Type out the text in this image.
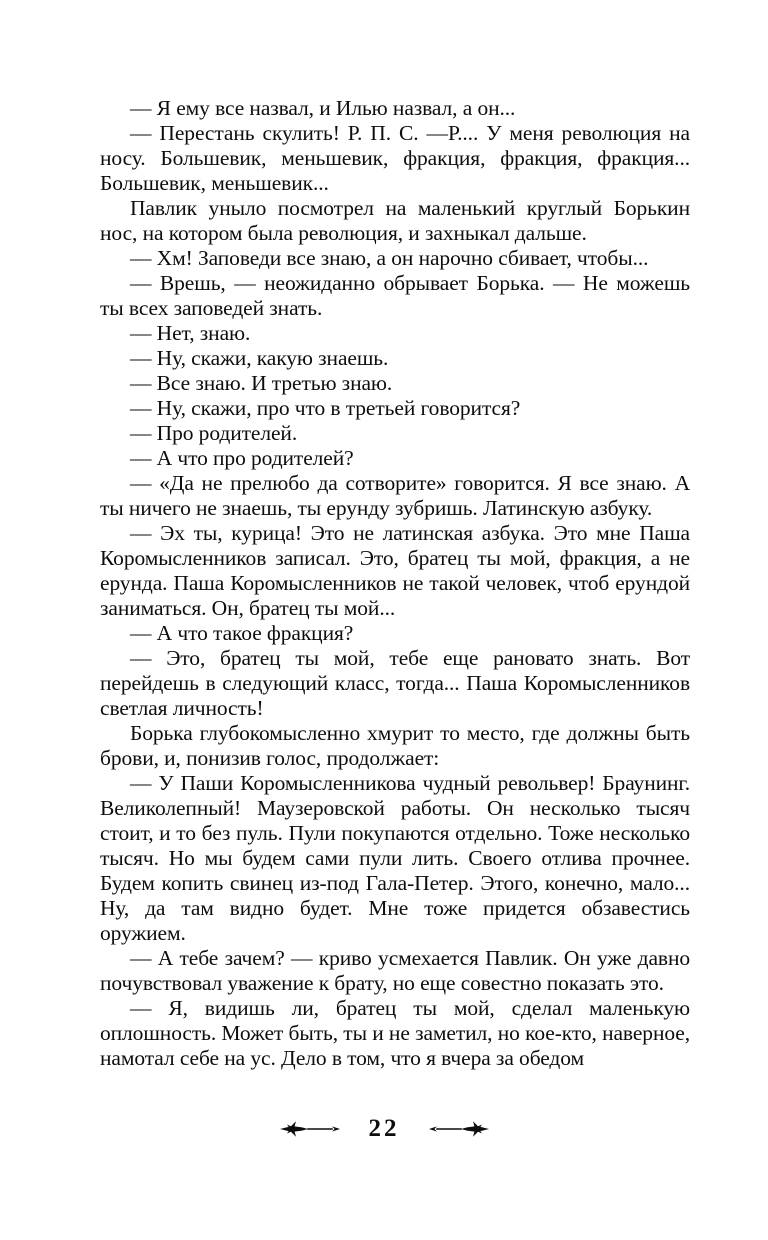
— Я ему все назвал, и Илью назвал, а он...

— Перестань скулить! Р. П. С. —Р.... У меня революция на носу. Большевик, меньшевик, фракция, фракция, фракция... Большевик, меньшевик...

Павлик уныло посмотрел на маленький круглый Борькин нос, на котором была революция, и захныкал дальше.

— Хм! Заповеди все знаю, а он нарочно сбивает, чтобы...

— Врешь, — неожиданно обрывает Борька. — Не можешь ты всех заповедей знать.

— Нет, знаю.

— Ну, скажи, какую знаешь.

— Все знаю. И третью знаю.

— Ну, скажи, про что в третьей говорится?

— Про родителей.

— А что про родителей?

— «Да не прелюбо да сотворите» говорится. Я все знаю. А ты ничего не знаешь, ты ерунду зубришь. Латинскую азбуку.

— Эх ты, курица! Это не латинская азбука. Это мне Паша Коромысленников записал. Это, братец ты мой, фракция, а не ерунда. Паша Коромысленников не такой человек, чтоб ерундой заниматься. Он, братец ты мой...

— А что такое фракция?

— Это, братец ты мой, тебе еще рановато знать. Вот перейдешь в следующий класс, тогда... Паша Коромысленников светлая личность!

Борька глубокомысленно хмурит то место, где должны быть брови, и, понизив голос, продолжает:

— У Паши Коромысленникова чудный револьвер! Браунинг. Великолепный! Маузеровской работы. Он несколько тысяч стоит, и то без пуль. Пули покупаются отдельно. Тоже несколько тысяч. Но мы будем сами пули лить. Своего отлива прочнее. Будем копить свинец из-под Гала-Петер. Этого, конечно, мало... Ну, да там видно будет. Мне тоже придется обзавестись оружием.

— А тебе зачем? — криво усмехается Павлик. Он уже давно почувствовал уважение к брату, но еще совестно показать это.

— Я, видишь ли, братец ты мой, сделал маленькую оплошность. Может быть, ты и не заметил, но кое-кто, наверное, намотал себе на ус. Дело в том, что я вчера за обедом

22
